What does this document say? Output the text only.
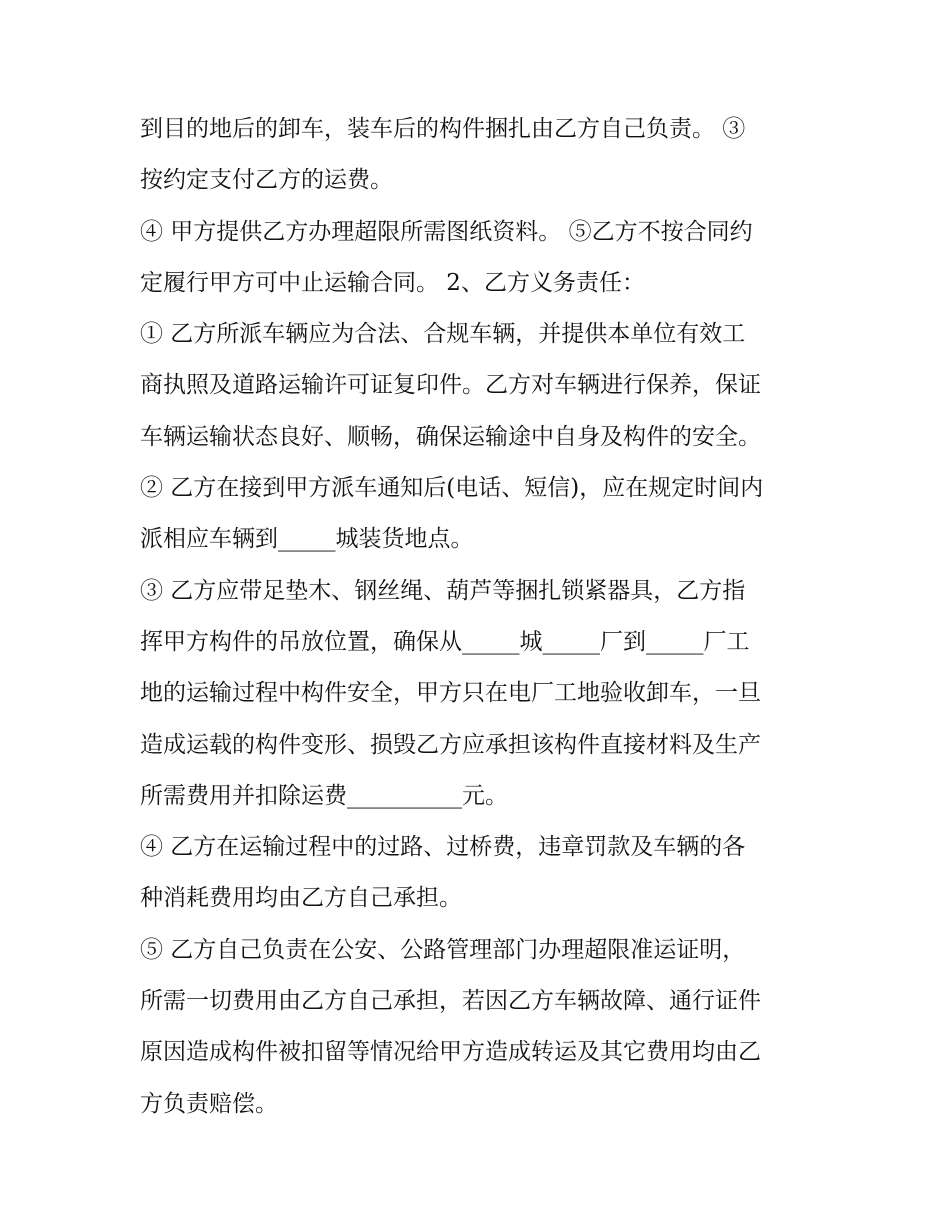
到目的地后的卸车，装车后的构件捆扎由乙方自己负责。 ③
按约定支付乙方的运费。
④ 甲方提供乙方办理超限所需图纸资料。 ⑤乙方不按合同约
定履行甲方可中止运输合同。 2、乙方义务责任：
① 乙方所派车辆应为合法、合规车辆，并提供本单位有效工
商执照及道路运输许可证复印件。乙方对车辆进行保养，保证
车辆运输状态良好、顺畅，确保运输途中自身及构件的安全。
② 乙方在接到甲方派车通知后(电话、短信)，应在规定时间内
派相应车辆到_____城装货地点。
③ 乙方应带足垫木、钢丝绳、葫芦等捆扎锁紧器具，乙方指
挥甲方构件的吊放位置，确保从_____城_____厂到_____厂工
地的运输过程中构件安全，甲方只在电厂工地验收卸车，一旦
造成运载的构件变形、损毁乙方应承担该构件直接材料及生产
所需费用并扣除运费__________元。
④ 乙方在运输过程中的过路、过桥费，违章罚款及车辆的各
种消耗费用均由乙方自己承担。
⑤ 乙方自己负责在公安、公路管理部门办理超限准运证明，
所需一切费用由乙方自己承担，若因乙方车辆故障、通行证件
原因造成构件被扣留等情况给甲方造成转运及其它费用均由乙
方负责赔偿。
